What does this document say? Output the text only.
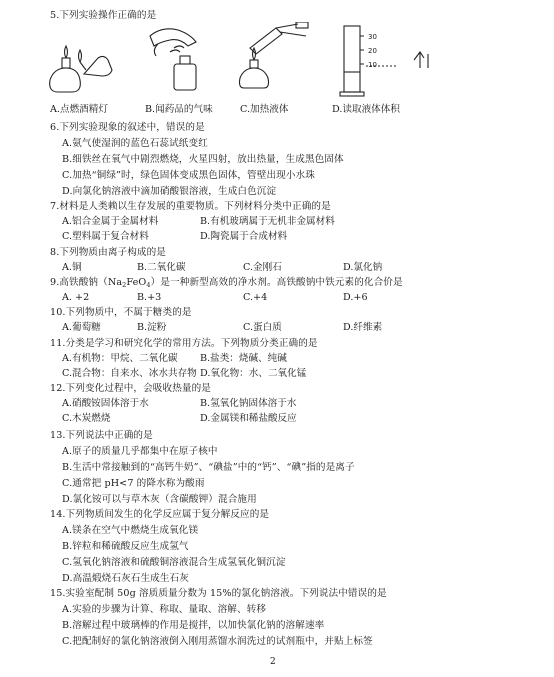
5.下列实验操作正确的是
30
20
10
A.点燃酒精灯	B.闻药品的气味	C.加热液体	D.读取液体体积
6.下列实验现象的叙述中，错误的是
A.氨气使湿润的蓝色石蕊试纸变红
B.细铁丝在氧气中剧烈燃烧，火星四射，放出热量，生成黑色固体
C.加热“铜绿”时，绿色固体变成黑色固体，管壁出现小水珠
D.向氯化钠溶液中滴加硝酸银溶液，生成白色沉淀
7.材料是人类赖以生存发展的重要物质。下列材料分类中正确的是
A.铝合金属于金属材料	B.有机玻璃属于无机非金属材料
C.塑料属于复合材料	D.陶瓷属于合成材料
8.下列物质由离子构成的是
A.铜	B.二氧化碳	C.金刚石	D.氯化钠
9.高铁酸钠$(Na_2FeO_4)$是一种新型高效的净水剂。高铁酸钠中铁元素的化合价是
A. +2	B.+3	C.+4	D.+6
10.下列物质中，不属于糖类的是
A.葡萄糖	B.淀粉	C.蛋白质	D.纤维素
11.分类是学习和研究化学的常用方法。下列物质分类正确的是
A.有机物：甲烷、二氧化碳 B.盐类：烧碱、纯碱
C.混合物：自来水、冰水共存物 D.氧化物：水、二氧化锰
12.下列变化过程中，会吸收热量的是
A.硝酸铵固体溶于水	B.氢氧化钠固体溶于水
C.木炭燃烧	D.金属镁和稀盐酸反应
13.下列说法中正确的是
A.原子的质量几乎都集中在原子核中
B.生活中常接触到的“高钙牛奶”、“碘盐”中的“钙”、“碘”指的是离子
C.通常把 pH<7 的降水称为酸雨
D.氯化铵可以与草木灰（含碳酸钾）混合施用
14.下列物质间发生的化学反应属于复分解反应的是
A.镁条在空气中燃烧生成氧化镁
B.锌粒和稀硫酸反应生成氢气
C.氢氧化钠溶液和硫酸铜溶液混合生成氢氧化铜沉淀
D.高温煅烧石灰石生成生石灰
15.实验室配制 50g 溶质质量分数为 15%的氯化钠溶液。下列说法中错误的是
A.实验的步骤为计算、称取、量取、溶解、转移
B.溶解过程中玻璃棒的作用是搅拌，以加快氯化钠的溶解速率
C.把配制好的氯化钠溶液倒入刚用蒸馏水润洗过的试剂瓶中，并贴上标签
2
